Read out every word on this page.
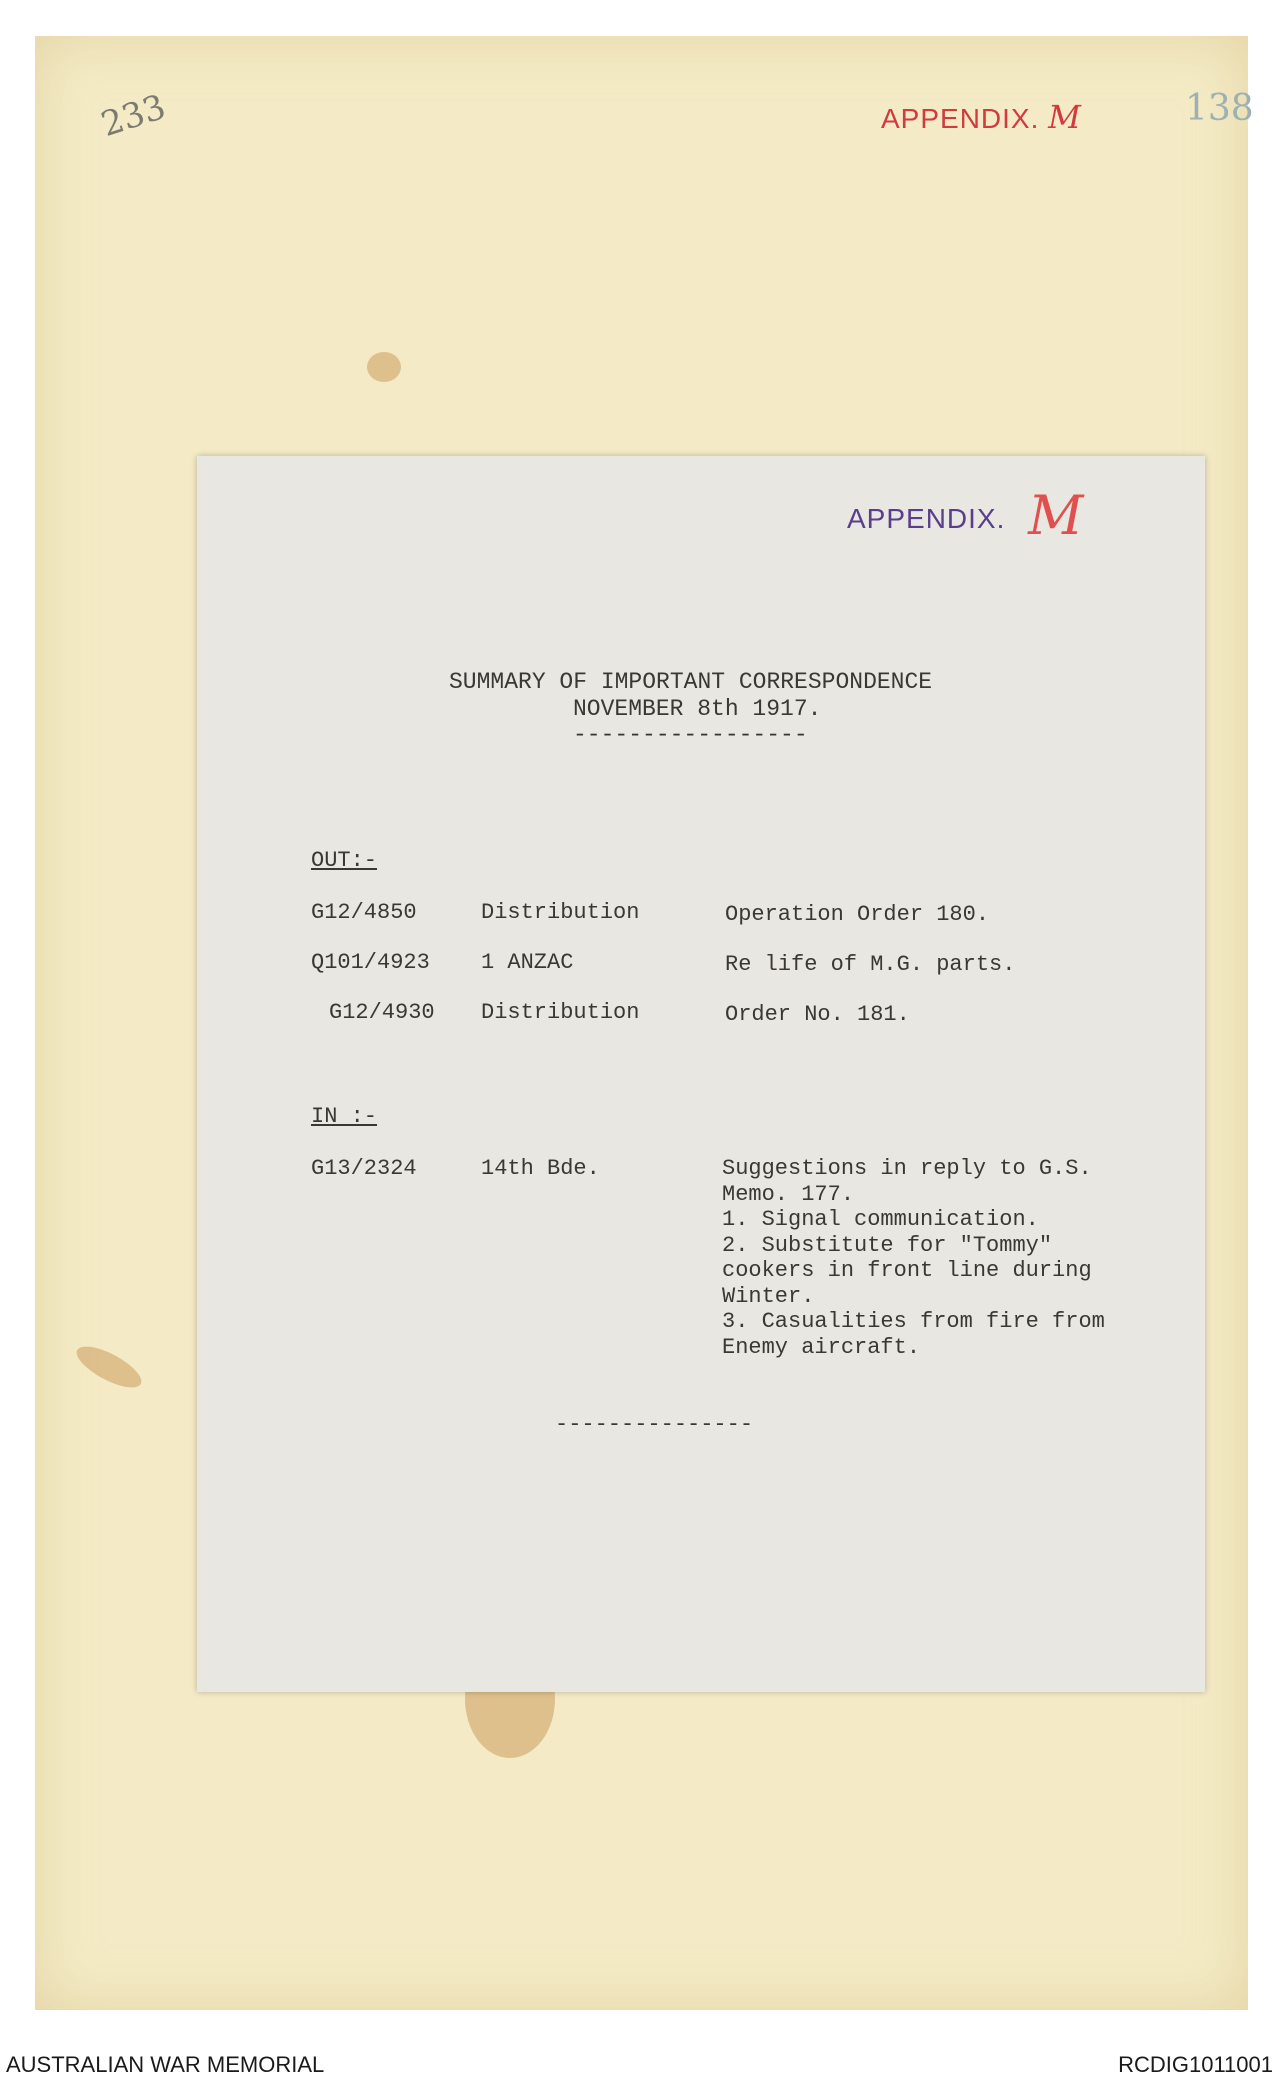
233	APPENDIX. M	138
APPENDIX. M
SUMMARY OF IMPORTANT CORRESPONDENCE
NOVEMBER 8th 1917.
-----------------
OUT:-
G12/4850	Distribution	Operation Order 180.
Q101/4923 1 ANZAC	Re life of M.G. parts.
G12/4930 Distribution	Order No. 181.
IN :-
G13/2324	14th Bde.	Suggestions in reply to G.S.
Memo. 177.
1. Signal communication.
2. Substitute for "Tommy"
cookers in front line during
Winter.
3. Casualities from fire from
Enemy aircraft.
---------------
AUSTRALIAN WAR MEMORIAL	RCDIG1011001
